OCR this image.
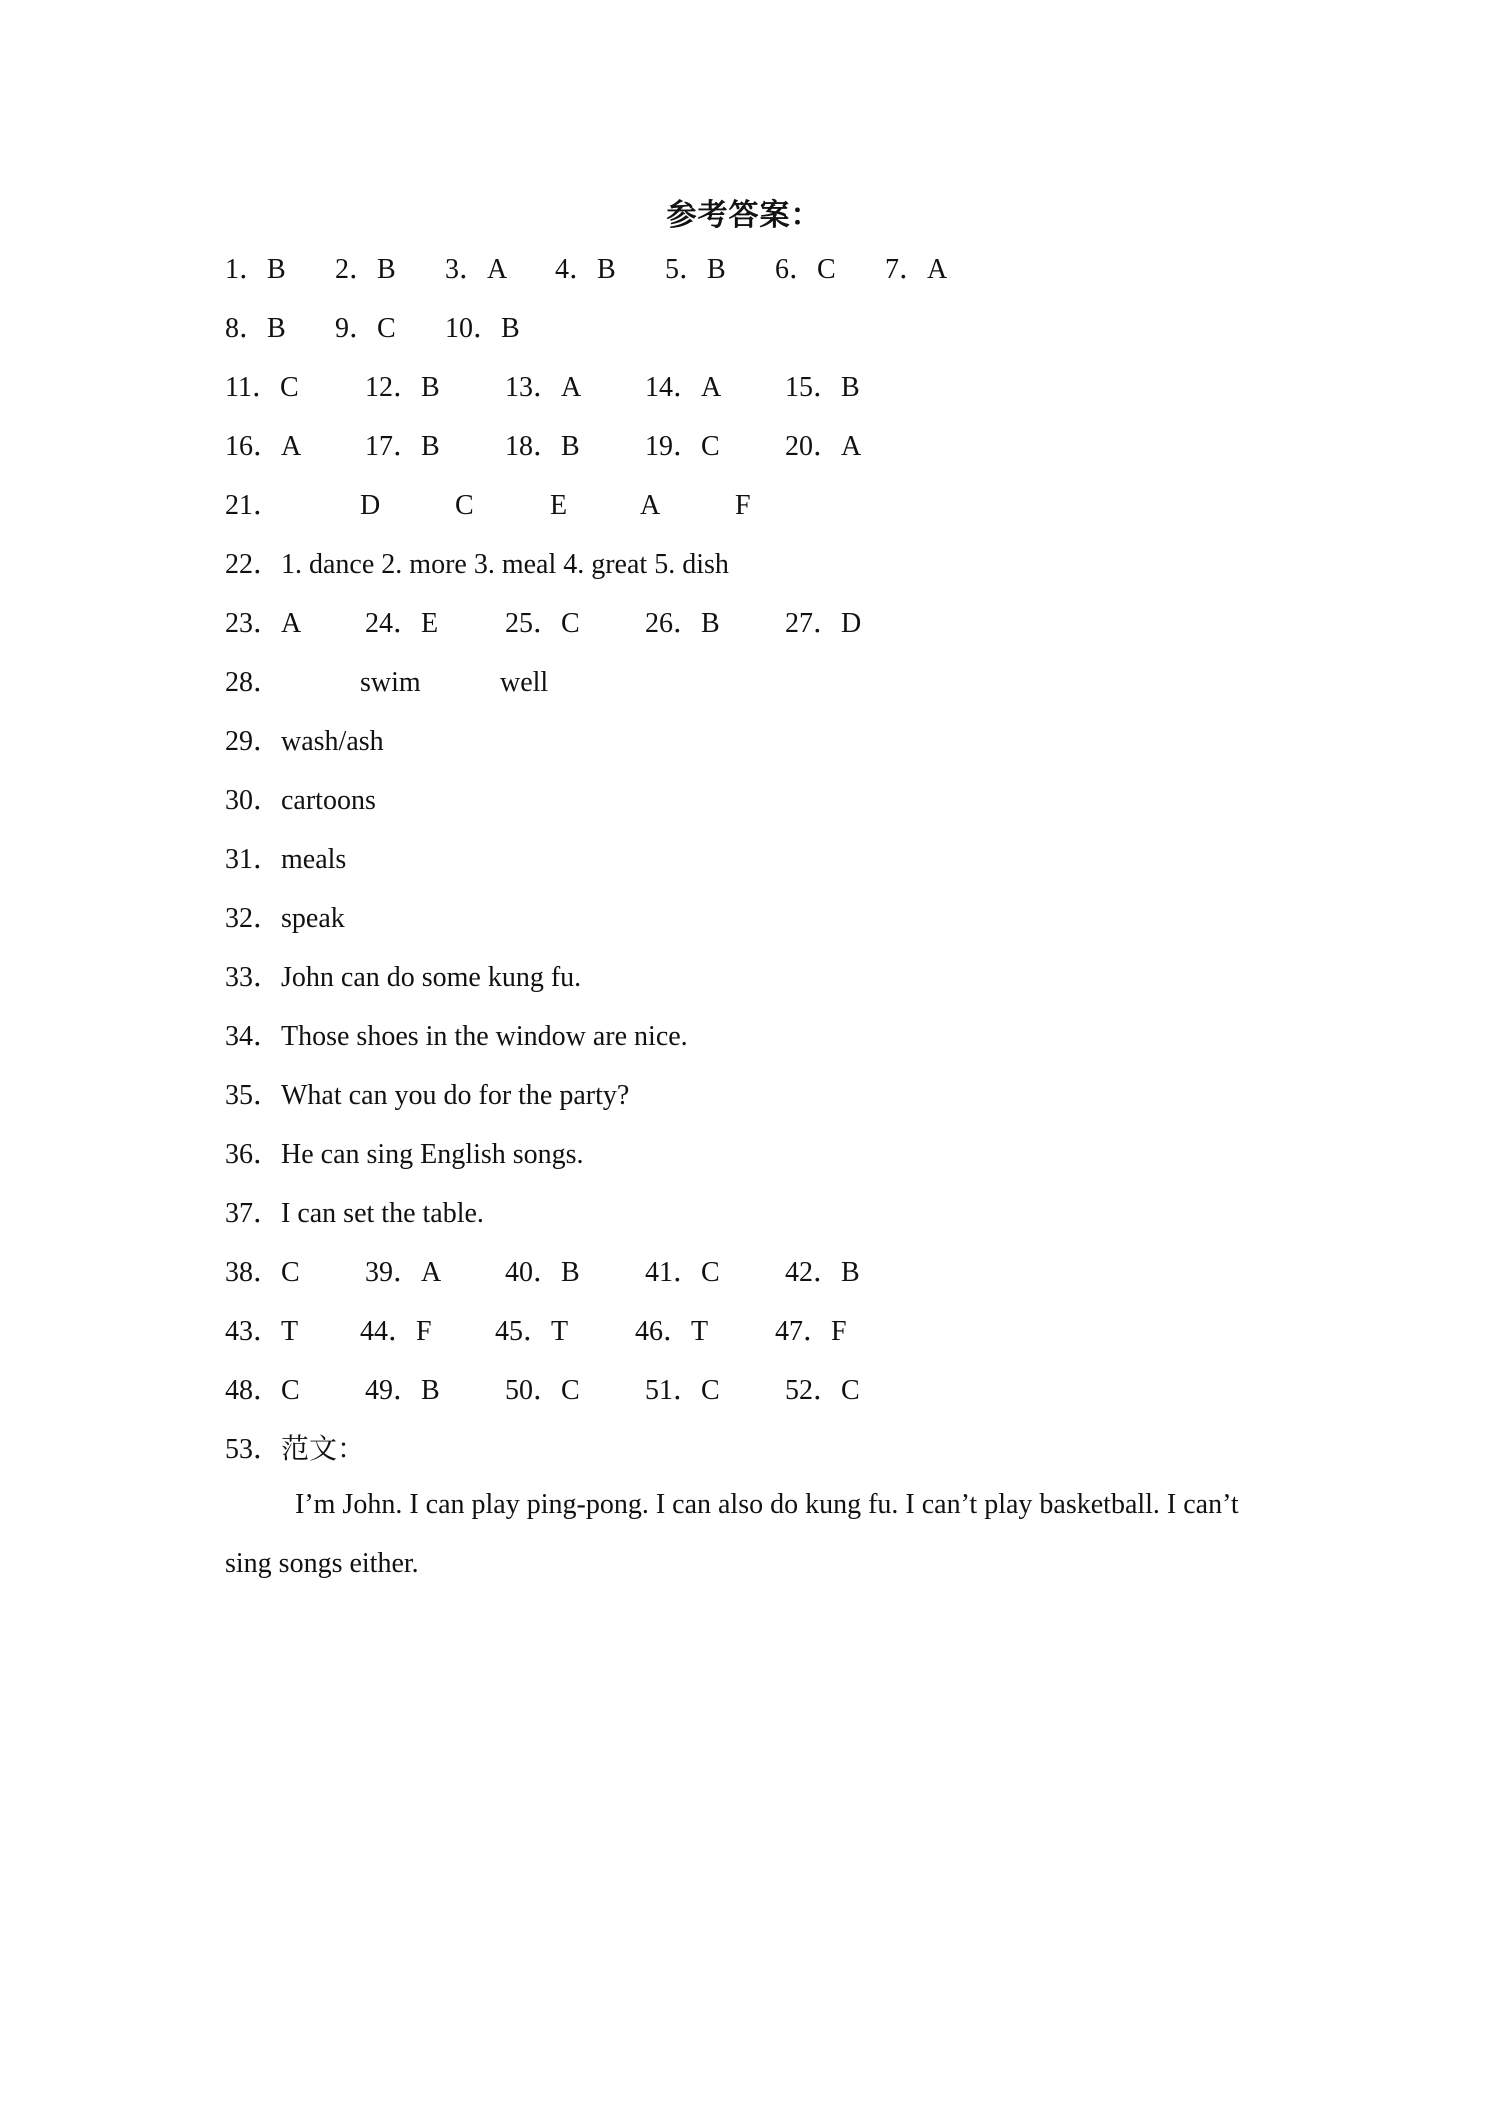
参考答案：
1．B 2．B 3．A 4．B 5．B 6．C 7．A
8．B 9．C 10．B
11．C 12．B 13．A 14．A 15．B
16．A 17．B 18．B 19．C 20．A
21．	D	C	E	A	F
22．1. dance 2. more 3. meal 4. great 5. dish
23．A 24．E 25．C 26．B 27．D
28．	swim	well
29．wash/ash
30．cartoons
31．meals
32．speak
33．John can do some kung fu.
34．Those shoes in the window are nice.
35．What can you do for the party?
36．He can sing English songs.
37．I can set the table.
38．C 39．A 40．B 41．C 42．B
43．T 44．F 45．T 46．T 47．F
48．C 49．B 50．C 51．C 52．C
53．范文：
I’m John. I can play ping-pong. I can also do kung fu. I can’t play basketball. I can’t sing songs either.
